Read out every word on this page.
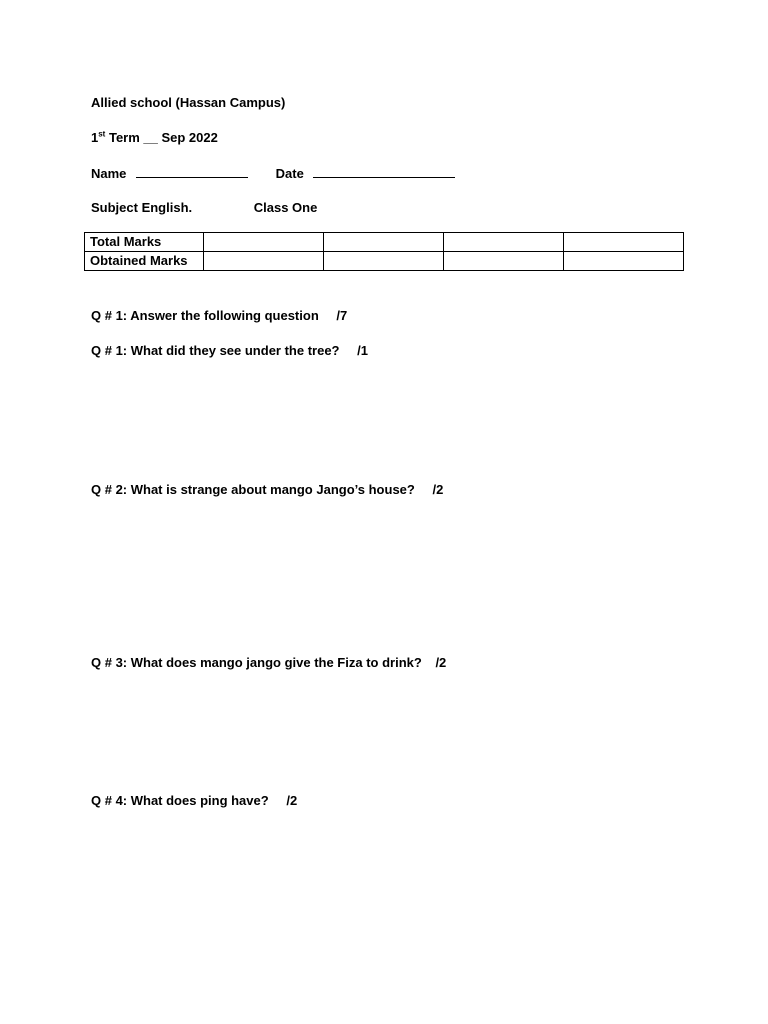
Allied school (Hassan Campus)
1st Term __ Sep 2022
Name	Date
Subject English.	Class One
Total Marks				
Obtained Marks				
Q # 1: Answer the following question /7
Q # 1: What did they see under the tree? /1
Q # 2: What is strange about mango Jango’s house? /2
Q # 3: What does mango jango give the Fiza to drink? /2
Q # 4: What does ping have? /2
